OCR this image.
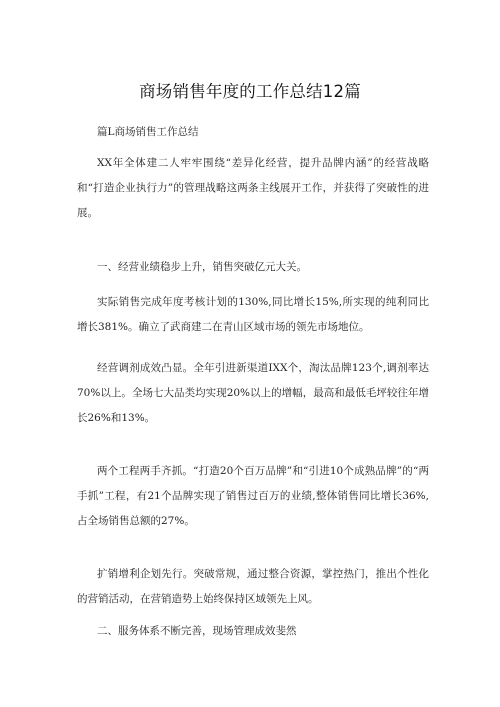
商场销售年度的工作总结12篇
篇L商场销售工作总结

XX年全体建二人牢牢围绕“差异化经营，提升品牌内涵”的经营战略和“打造企业执行力”的管理战略这两条主线展开工作，并获得了突破性的进展。

一、经营业绩稳步上升，销售突破亿元大关。

实际销售完成年度考核计划的130%,同比增长15%,所实现的纯利同比增长381%。确立了武商建二在青山区域市场的领先市场地位。

经营调剂成效凸显。全年引进新渠道IXX个，淘汰品牌123个,调剂率达70%以上。全场七大品类均实现20%以上的增幅，最高和最低毛坪较往年增长26%和13%。

两个工程两手齐抓。“打造20个百万品牌”和“引进10个成熟品牌”的“两手抓”工程，有21个品牌实现了销售过百万的业绩,整体销售同比增长36%,占全场销售总额的27%。

扩销增利企划先行。突破常规，通过整合资源，掌控热门，推出个性化的营销活动，在营销造势上始终保持区域领先上风。

二、服务体系不断完善，现场管理成效斐然
